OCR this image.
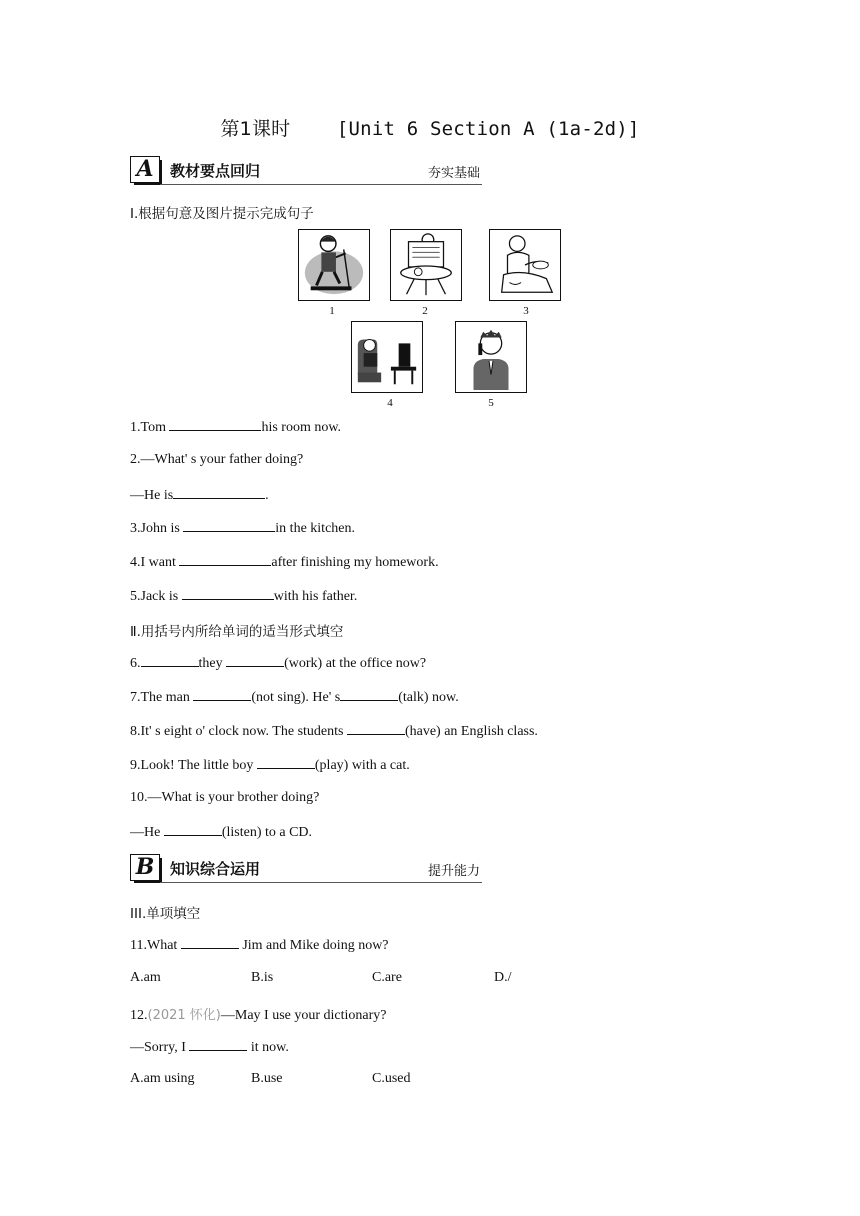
第1课时 [Unit 6 Section A (1a-2d)]
A	教材要点回归	夯实基础
Ⅰ.根据句意及图片提示完成句子
1	2	3
4	5
1.Tom	his room now.
2.—What' s your father doing?
—He is	.
3.John is	in the kitchen.
4.I want	after finishing my homework.
5.Jack is	with his father.
Ⅱ.用括号内所给单词的适当形式填空
6.	they	(work) at the office now?
7.The man	(not sing). He' s	(talk) now.
8.It' s eight o' clock now. The students	(have) an English class.
9.Look! The little boy	(play) with a cat.
10.—What is your brother doing?
—He	(listen) to a CD.
B	知识综合运用	提升能力
III.单项填空
11.What	Jim and Mike doing now?
A.am	B.is	C.are	D./
12.(2021 怀化)—May I use your dictionary?
—Sorry, I	it now.
A.am using	B.use	C.used
